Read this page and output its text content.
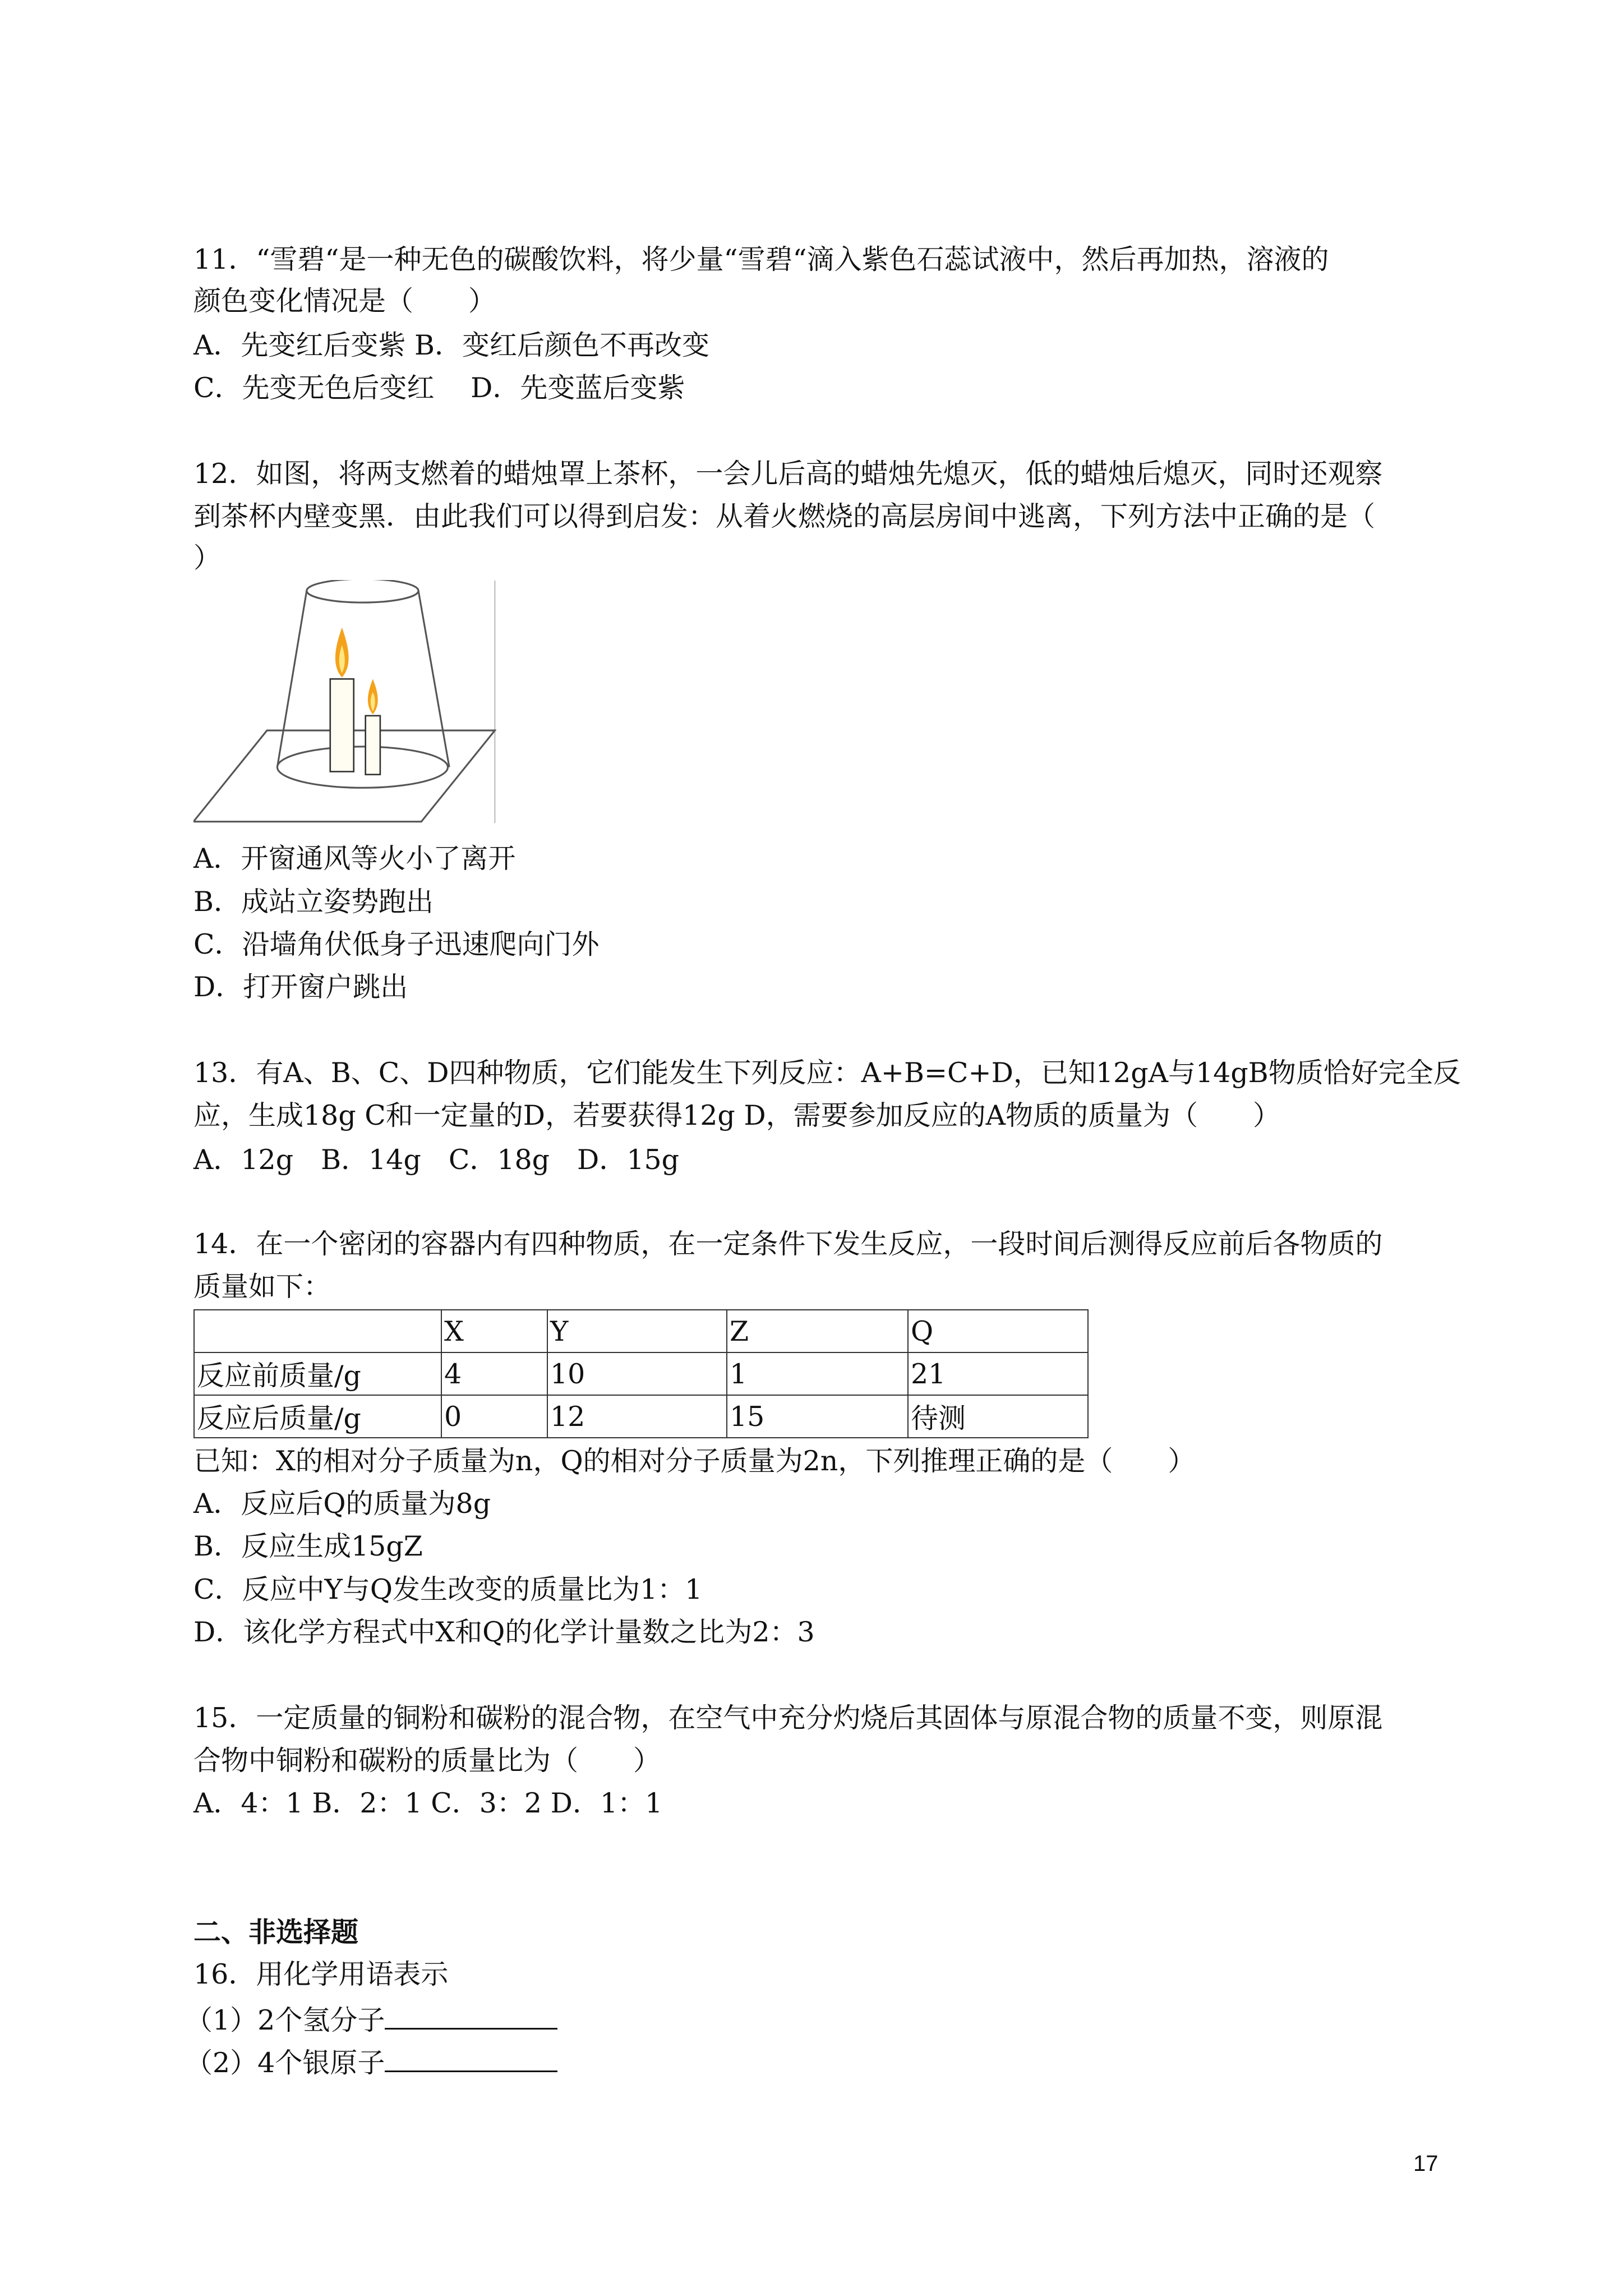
11．“雪碧“是一种无色的碳酸饮料，将少量“雪碧“滴入紫色石蕊试液中，然后再加热，溶液的
颜色变化情况是（　　）
A．先变红后变紫 B．变红后颜色不再改变
C．先变无色后变红　 D．先变蓝后变紫
12．如图，将两支燃着的蜡烛罩上茶杯，一会儿后高的蜡烛先熄灭，低的蜡烛后熄灭，同时还观察
到茶杯内壁变黑．由此我们可以得到启发：从着火燃烧的高层房间中逃离，下列方法中正确的是（
）
A．开窗通风等火小了离开
B．成站立姿势跑出
C．沿墙角伏低身子迅速爬向门外
D．打开窗户跳出
13．有A、B、C、D四种物质，它们能发生下列反应：A+B=C+D，已知12gA与14gB物质恰好完全反
应，生成18g C和一定量的D，若要获得12g D，需要参加反应的A物质的质量为（　　）
A．12g　B．14g　C．18g　D．15g
14．在一个密闭的容器内有四种物质，在一定条件下发生反应，一段时间后测得反应前后各物质的
质量如下：
	X	Y	Z	Q
反应前质量/g	4	10	1	21
反应后质量/g	0	12	15	待测
已知：X的相对分子质量为n，Q的相对分子质量为2n，下列推理正确的是（　　）
A．反应后Q的质量为8g
B．反应生成15gZ
C．反应中Y与Q发生改变的质量比为1：1
D．该化学方程式中X和Q的化学计量数之比为2：3
15．一定质量的铜粉和碳粉的混合物，在空气中充分灼烧后其固体与原混合物的质量不变，则原混
合物中铜粉和碳粉的质量比为（　　）
A．4：1 B．2：1 C．3：2 D．1：1
二、非选择题
16．用化学用语表示
（1）2个氢分子
（2）4个银原子
17
